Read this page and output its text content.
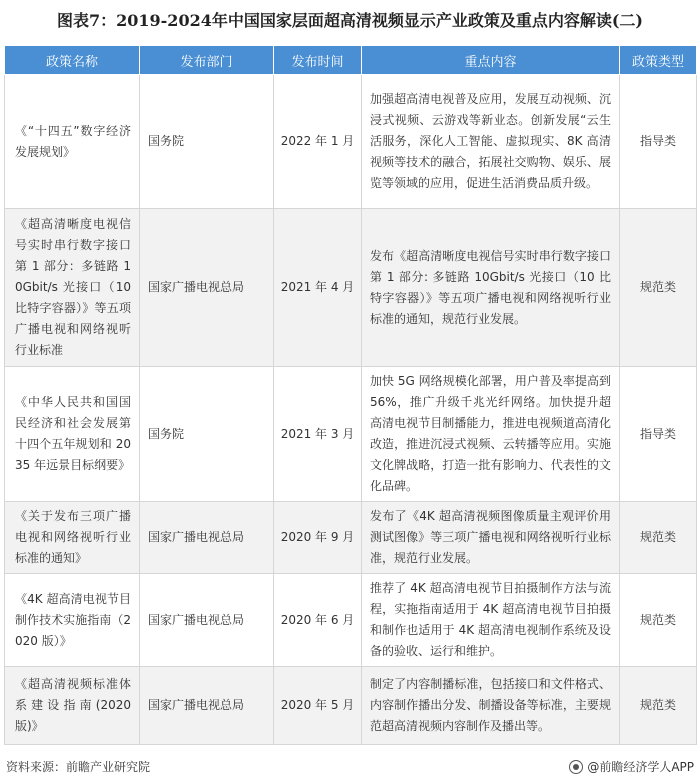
图表7：2019-2024年中国国家层面超高清视频显示产业政策及重点内容解读(二)
政策名称	发布部门	发布时间	重点内容	政策类型
《“十四五”数字经济发展规划》	国务院	2022 年 1 月	加强超高清电视普及应用，发展互动视频、沉浸式视频、云游戏等新业态。创新发展“云生活服务，深化人工智能、虚拟现实、8K 高清视频等技术的融合，拓展社交购物、娱乐、展览等领域的应用，促进生活消费品质升级。	指导类
《超高清晰度电视信号实时串行数字接口第 1 部分：多链路 10Gbit/s 光接口（10 比特字容器）》等五项广播电视和网络视听行业标准	国家广播电视总局	2021 年 4 月	发布《超高清晰度电视信号实时串行数字接口第 1 部分: 多链路 10Gbit/s 光接口（10 比特字容器）》等五项广播电视和网络视听行业标准的通知，规范行业发展。	规范类
《中华人民共和国国民经济和社会发展第十四个五年规划和 2035 年远景目标纲要》	国务院	2021 年 3 月	加快 5G 网络规模化部署，用户普及率提高到 56%，推广升级千兆光纤网络。加快提升超高清电视节目制播能力，推进电视频道高清化改造，推进沉浸式视频、云转播等应用。实施文化牌战略，打造一批有影响力、代表性的文化品碑。	指导类
《关于发布三项广播电视和网络视听行业标准的通知》	国家广播电视总局	2020 年 9 月	发布了《4K 超高清视频图像质量主观评价用测试图像》等三项广播电视和网络视听行业标准，规范行业发展。	规范类
《4K 超高清电视节目制作技术实施指南（2020 版）》	国家广播电视总局	2020 年 6 月	推荐了 4K 超高清电视节目拍摄制作方法与流程，实拖指南适用于 4K 超高清电视节目拍摄和制作也适用于 4K 超高清电视制作系统及设备的验收、运行和维护。	规范类
《超高清视频标准体系建设指南(2020 版)》	国家广播电视总局	2020 年 5 月	制定了内容制播标准，包括接口和文件格式、内容制作播出分发、制播设备等标准，主要规范超高清视频内容制作及播出等。	规范类
资料来源：前瞻产业研究院	@前瞻经济学人APP
